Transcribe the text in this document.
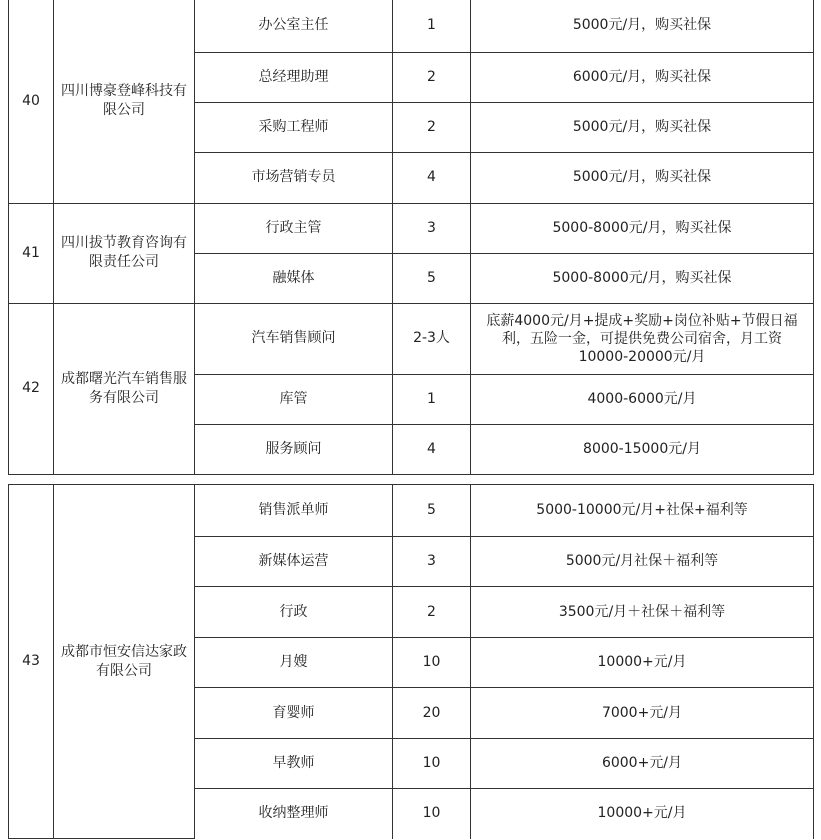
40	四川博豪登峰科技有限公司	办公室主任	1	5000元/月，购买社保
		总经理助理	2	6000元/月，购买社保
		采购工程师	2	5000元/月，购买社保
		市场营销专员	4	5000元/月，购买社保
41	四川拔节教育咨询有限责任公司	行政主管	3	5000-8000元/月，购买社保
		融媒体	5	5000-8000元/月，购买社保
42	成都曙光汽车销售服务有限公司	汽车销售顾问	2-3人	底薪4000元/月+提成+奖励+岗位补贴+节假日福利，五险一金，可提供免费公司宿舍，月工资10000-20000元/月
		库管	1	4000-6000元/月
		服务顾问	4	8000-15000元/月
43	成都市恒安信达家政有限公司	销售派单师	5	5000-10000元/月+社保+福利等
		新媒体运营	3	5000元/月社保＋福利等
		行政	2	3500元/月＋社保＋福利等
		月嫂	10	10000+元/月
		育婴师	20	7000+元/月
		早教师	10	6000+元/月
		收纳整理师	10	10000+元/月
